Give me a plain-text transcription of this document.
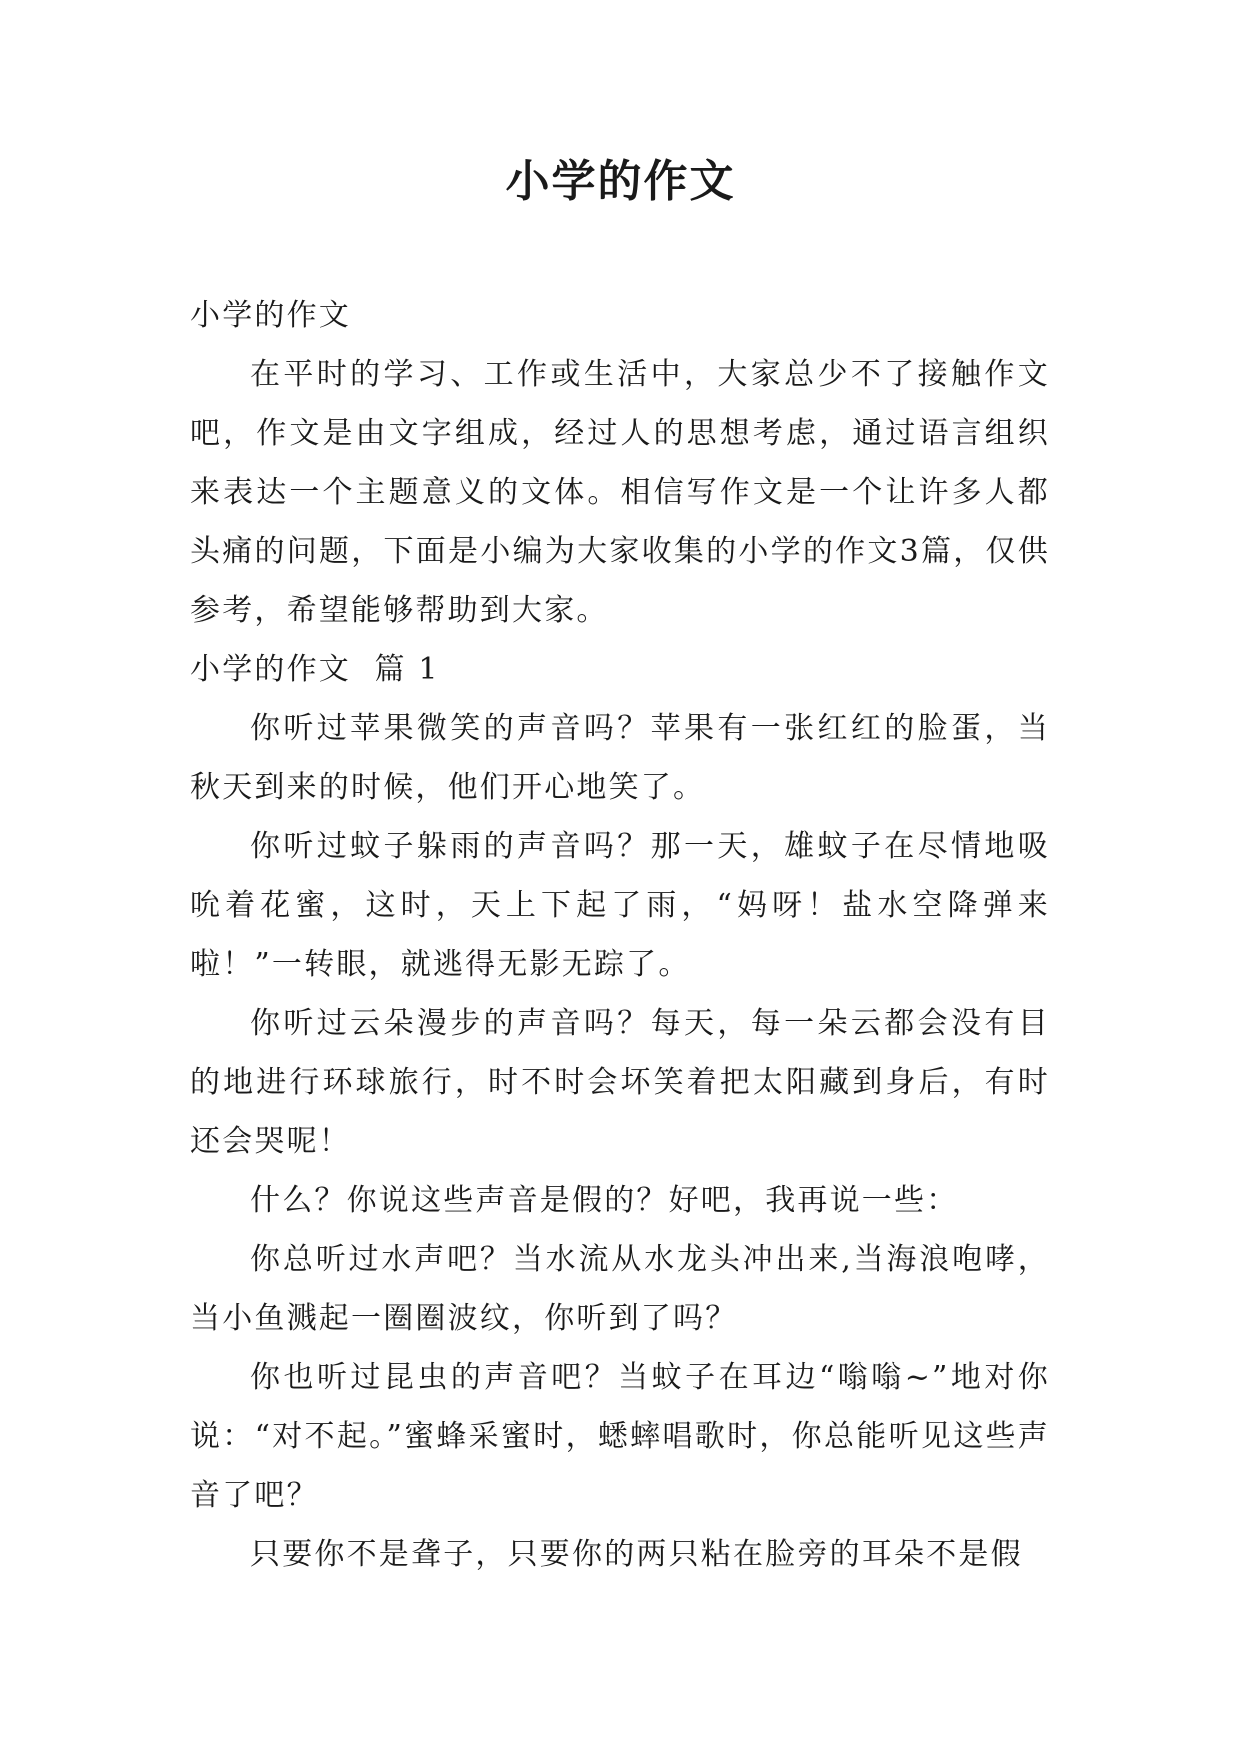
小学的作文

小学的作文

在平时的学习、工作或生活中，大家总少不了接触作文吧，作文是由文字组成，经过人的思想考虑，通过语言组织来表达一个主题意义的文体。相信写作文是一个让许多人都头痛的问题，下面是小编为大家收集的小学的作文3篇，仅供参考，希望能够帮助到大家。

小学的作文  篇 1

你听过苹果微笑的声音吗？苹果有一张红红的脸蛋，当秋天到来的时候，他们开心地笑了。

你听过蚊子躲雨的声音吗？那一天，雄蚊子在尽情地吸吮着花蜜，这时，天上下起了雨，“妈呀！盐水空降弹来啦！”一转眼，就逃得无影无踪了。

你听过云朵漫步的声音吗？每天，每一朵云都会没有目的地进行环球旅行，时不时会坏笑着把太阳藏到身后，有时还会哭呢！

什么？你说这些声音是假的？好吧，我再说一些：

你总听过水声吧？当水流从水龙头冲出来,当海浪咆哮，当小鱼溅起一圈圈波纹，你听到了吗？

你也听过昆虫的声音吧？当蚊子在耳边“嗡嗡~”地对你说：“对不起。”蜜蜂采蜜时，蟋蟀唱歌时，你总能听见这些声音了吧？

只要你不是聋子，只要你的两只粘在脸旁的耳朵不是假
